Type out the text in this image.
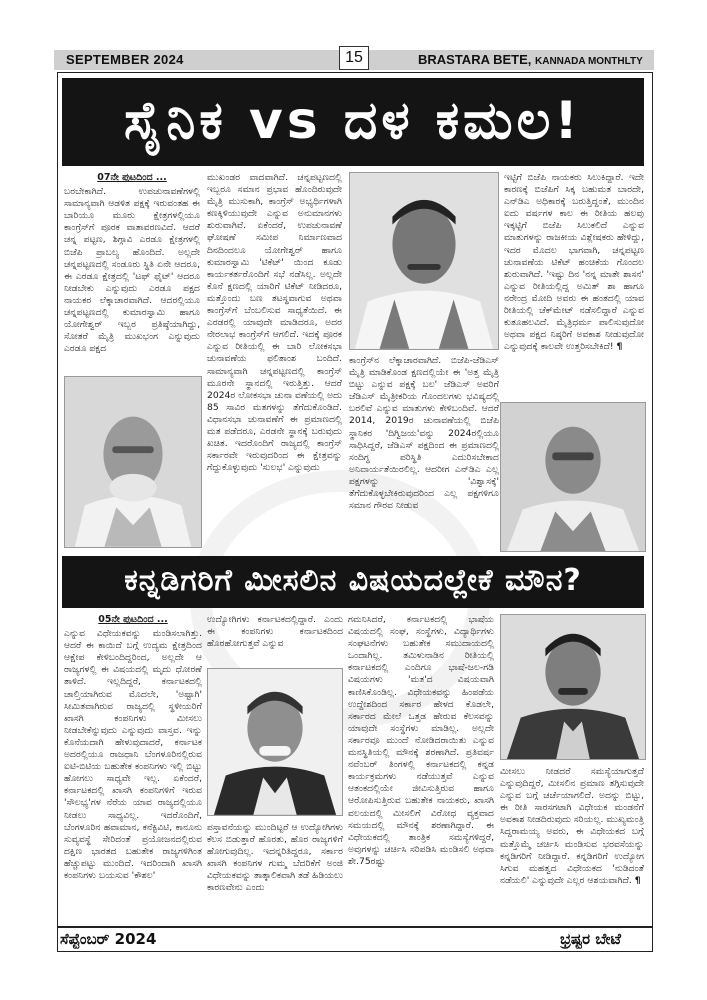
SEPTEMBER 2024	15	BRASTARA BETE, KANNADA MONTHLTY
ಸೈನಿಕ vs ದಳ ಕಮಲ!
07ನೇ ಪುಟದಿಂದ ...

ಬರಬೇಕಾಗಿದೆ. ಉಪಚುನಾವಣೆಗಳಲ್ಲಿ ಸಾಮಾನ್ಯವಾಗಿ ಆಡಳಿತ ಪಕ್ಷಕ್ಕೆ ಇರುವಂತಹ ಈ ಬಾರಿಯೂ ಮೂರು ಕ್ಷೇತ್ರಗಳಲ್ಲಿಯೂ ಕಾಂಗ್ರೆಸ್‌ಗೆ ಪೂರಕ ವಾತಾವರಣವಿದೆ. ಆದರೆ ಚನ್ನ ಪಟ್ಟಣ, ಶಿಗ್ಗಾವಿ ಎರಡೂ ಕ್ಷೇತ್ರಗಳಲ್ಲಿ ಬಿಜೆಪಿ ಪ್ರಾಬಲ್ಯ ಹೊಂದಿದೆ. ಅಲ್ಲದೇ ಚನ್ನಪಟ್ಟಣದಲ್ಲಿ ಸಂಡೂರು ಸ್ಥಿತಿ ಏನೇ ಆದರೂ, ಈ ಎರಡೂ ಕ್ಷೇತ್ರದಲ್ಲಿ 'ಟಫ್ ಫೈಟ್' ಆದರೂ ನೀಡಬೇಕು ಎನ್ನುವುದು ಎರಡೂ ಪಕ್ಷದ ನಾಯಕರ ಲೆಕ್ಕಾಚಾರವಾಗಿದೆ. ಆದರಲ್ಲಿಯೂ ಚನ್ನಪಟ್ಟಣದಲ್ಲಿ ಕುಮಾರಸ್ವಾಮಿ ಹಾಗೂ ಯೋಗೇಶ್ವರ್ ಇಬ್ಬರ ಪ್ರತಿಷ್ಠೆಯಾಗಿದ್ದು, ಸೋತರೆ ಮೈತ್ರಿ ಮುಖಭಂಗ ಎನ್ನುವುದು ಎರಡೂ ಪಕ್ಷದ

ಮುಖಂಡರ ವಾದವಾಗಿದೆ. ಚನ್ನಪಟ್ಟಣದಲ್ಲಿ ಇಬ್ಬರೂ ಸಮಾನ ಪ್ರಭಾವ ಹೊಂದಿರುವುದೇ ಮೈತ್ರಿ ಮುಸುಕಾಗಿ, ಕಾಂಗ್ರೆಸ್ ಅಭ್ಯರ್ಥಿಗಳಾಗಿ ಕಣಕ್ಕಿಳಿಯುವುದೇ ಎನ್ನುವ ಅನುಮಾನಗಳು ಶುರುವಾಗಿವೆ. ಏಕೆಂದರೆ, ಉಪಚುನಾವಣೆ ಘೋಷಣೆ ಸಮೀಪ ನಿರ್ಮಾಣವಾದ ದಿನದಿಂದಲೂ ಯೋಗೇಶ್ವರ್ ಹಾಗೂ ಕುಮಾರಸ್ವಾಮಿ 'ಟಿಕೆಟ್' ಯಿಂದ ಕೂಡು ಕಾರ್ಯಕರ್ತರೊಂದಿಗೆ ಸಭೆ ನಡೆಸಿಲ್ಲ. ಅಲ್ಲದೇ ಕೊನೆ ಕ್ಷಣದಲ್ಲಿ ಯಾರಿಗೆ ಟಿಕೆಟ್ ನೀಡಿದರೂ, ಮತ್ತೊಂದು ಬಣ ತಟಸ್ಥವಾಗುವ ಅಥವಾ ಕಾಂಗ್ರೆಸ್‌ಗೆ ಬೆಂಬಲಿಸುವ ಸಾಧ್ಯತೆಯಿದೆ. ಈ ಎರಡರಲ್ಲಿ ಯಾವುದೇ ಮಾಡಿದರೂ, ಅದರ ನೇರಲಾಭ ಕಾಂಗ್ರೆಸ್‌ಗೆ ಆಗಲಿದೆ. ಇದಕ್ಕೆ ಪೂರಕ ಎನ್ನುವ ರೀತಿಯಲ್ಲಿ ಈ ಬಾರಿ ಲೋಕಸಭಾ ಚುನಾವಣೆಯ ಫಲಿತಾಂಶ ಬಂದಿದೆ. ಸಾಮಾನ್ಯವಾಗಿ ಚನ್ನಪಟ್ಟಣದಲ್ಲಿ ಕಾಂಗ್ರೆಸ್ ಮೂರನೇ ಸ್ಥಾನದಲ್ಲಿ ಇರುತ್ತಿತ್ತು. ಆದರೆ 2024ರ ಲೋಕಸಭಾ ಚುನಾ ವಣೆಯಲ್ಲಿ ಅದು 85 ಸಾವಿರ ಮತಗಳನ್ನು ತೆಗೆದುಕೊಂಡಿದೆ. ವಿಧಾನಸಭಾ ಚುನಾವಣೆಗೆ ಈ ಪ್ರಮಾಣದಲ್ಲಿ ಮತ ಪಡೆದರೂ, ಎರಡನೇ ಸ್ಥಾನಕ್ಕೆ ಬರುವುದು ಖಚಿತ. ಇದರೊಂದಿಗೆ ರಾಜ್ಯದಲ್ಲಿ ಕಾಂಗ್ರೆಸ್ ಸರ್ಕಾರವೇ ಇರುವುದರಿಂದ ಈ ಕ್ಷೇತ್ರವನ್ನು ಗೆದ್ದುಕೊಳ್ಳುವುದು 'ಸುಲಭ' ಎನ್ನುವುದು

ಕಾಂಗ್ರೆಸ್‌ನ ಲೆಕ್ಕಾಚಾರವಾಗಿದೆ. ಬಿಜೆಪಿ-ಜೆಡಿಎಸ್ ಮೈತ್ರಿ ಮಾಡಿಕೊಂಡ ಕ್ಷಣದಲ್ಲಿಯೇ ಈ 'ಅತ್ತ ಮೈತ್ರಿ ಬಿಟ್ಟು ಎನ್ನುವ ಪಕ್ಷಕ್ಕೆ ಬಲ' ಜೆಡಿಎಸ್ ಅವರಿಗೆ ಜೆಡಿಎಸ್ ಮೈತ್ರೀಕರಿಯ ಗೊಂದಲಗಳು ಭವಿಷ್ಯದಲ್ಲಿ ಬರಲಿವೆ ಎನ್ನುವ ಮಾತುಗಳು ಕೇಳಿಬಂದಿವೆ. ಆದರೆ 2014, 2019ರ ಚುನಾವಣೆಯಲ್ಲಿ ಬಿಜೆಪಿ ಸ್ಥಾನಿಕರ 'ದಿಗ್ವಿಜಯ'ವನ್ನು 2024ರಲ್ಲಿಯೂ ಸಾಧಿಸಿದ್ದರೆ, ಜೆಡಿಎಸ್ ಪಕ್ಷದಿಂದ ಈ ಪ್ರಮಾಣದಲ್ಲಿ ಸಂದಿಗ್ಧ ಪರಿಸ್ಥಿತಿ ಎದುರಿಸಬೇಕಾದ ಅನಿವಾರ್ಯತೆಯಿರಲಿಲ್ಲ. ಆದರೀಗ ಎನ್‌ಡಿಎ ಎಲ್ಲ ಪಕ್ಷಗಳನ್ನು 'ವಿಶ್ವಾಸಕ್ಕೆ' ತೆಗೆದುಕೊಳ್ಳಬೇಕಿರುವುದರಿಂದ ಎಲ್ಲ ಪಕ್ಷಗಳಿಗೂ ಸಮಾನ ಗೌರವ ನೀಡುವ

ಇಟ್ಟಿಗೆ ಬಿಜೆಪಿ ನಾಯಕರು ಸಿಲುಕಿದ್ದಾರೆ. ಇದೇ ಕಾರಣಕ್ಕೆ ಬಿಜೆಪಿಗೆ ಸಿಕ್ಕ ಬಹುಮತ ಬಾರದೇ, ಎನ್‌ಡಿಎ ಅಧಿಕಾರಕ್ಕೆ ಬರುತ್ತಿದ್ದಂತೆ, ಮುಂದಿನ ಐದು ವರ್ಷಗಳ ಕಾಲ ಈ ರೀತಿಯ ಹಲವು ಇಕ್ಕಟ್ಟಿಗೆ ಬಿಜೆಪಿ ಸಿಲುಕಲಿದೆ ಎನ್ನುವ ಮಾತುಗಳನ್ನು ರಾಜಕೀಯ ವಿಶ್ಲೇಷಕರು ಹೇಳಿದ್ದು, ಇದರ ಮೊದಲ ಭಾಗವಾಗಿ, ಚನ್ನಪಟ್ಟಣ ಚುನಾವಣೆಯ ಟಿಕೆಟ್ ಹಂಚಿಕೆಯ ಗೊಂದಲ ಶುರುವಾಗಿದೆ. 'ಇಷ್ಟು ದಿನ 'ನನ್ನ ಮಾತೇ ಶಾಸನ' ಎನ್ನುವ ರೀತಿಯಲ್ಲಿದ್ದ ಅಮಿತ್ ಶಾ ಹಾಗೂ ನರೇಂದ್ರ ಮೋದಿ ಅವರು ಈ ಹಂತದಲ್ಲಿ ಯಾವ ರೀತಿಯಲ್ಲಿ ಚೆಕ್‌ಮೇಟ್ ನಡೆಸಲಿದ್ದಾರೆ ಎನ್ನುವ ಕುತೂಹಲವಿದೆ. ಮೈತ್ರಿಧರ್ಮ ಪಾಲಿಸುವುದೋ ಅಥವಾ ಪಕ್ಷದ ನಿಷ್ಠರಿಗೆ ಅವಕಾಶ ನೀಡುವುದೋ ಎನ್ನುವುದಕ್ಕೆ ಕಾಲವೇ ಉತ್ತರಿಸಬೇಕಿದೆ! ¶

ಕನ್ನಡಿಗರಿಗೆ ಮೀಸಲಿನ ವಿಷಯದಲ್ಲೇಕೆ ಮೌನ?
05ನೇ ಪುಟದಿಂದ ...

ಎನ್ನುವ ವಿಧೇಯಕವನ್ನು ಮಂಡಿಸಲಾಗಿತ್ತು. ಆದರೆ ಈ ಕಾಯಿದೆ ಬಗ್ಗೆ ಉದ್ಯಮ ಕ್ಷೇತ್ರದಿಂದ ಆಕ್ಷೇಪ ಕೇಳಿಬಂದಿದ್ದರಿಂದ, ಅಲ್ಲದೇ ಆ ರಾಜ್ಯಗಳಲ್ಲಿ ಈ ವಿಷಯದಲ್ಲಿ ಮೃದು ಧೋರಣೆ ತಾಳಿದೆ. ಇಲ್ಲದಿದ್ದರೆ, ಕರ್ನಾಟಕದಲ್ಲಿ ಚಾಲ್ತಿಯಾಗಿರುವ ಮೊದಲೇ, 'ಅಷ್ಟಾಗಿ' ಸೀಮಿತವಾಗಿರುವ ರಾಜ್ಯದಲ್ಲಿ ಸ್ಥಳೀಯರಿಗೆ ಖಾಸಗಿ ಕಂಪನಿಗಳು ಮೀಸಲು ನೀಡಬೇಕೆನ್ನುವುದು ಎನ್ನುವುದು ವಾಸ್ತವ. ಇನ್ನು ಕೊನೆಯದಾಗಿ ಹೇಳುವುದಾದರೆ, ಕರ್ನಾಟಕ ಅದರಲ್ಲಿಯೂ ರಾಜಧಾನಿ ಬೆಂಗಳೂರಿನಲ್ಲಿರುವ ಐಟಿ-ಬಿಟಿಯ ಬಹುತೇಕ ಕಂಪನಿಗಳು ಇಲ್ಲಿ ಬಿಟ್ಟು ಹೋಗಲು ಸಾಧ್ಯವೇ ಇಲ್ಲ. ಏಕೆಂದರೆ, ಕರ್ನಾಟಕದಲ್ಲಿ ಖಾಸಗಿ ಕಂಪನಿಗಳಿಗೆ ಇರುವ 'ಸೌಲಭ್ಯ'ಗಳ ನೆರೆಯ ಯಾವ ರಾಜ್ಯದಲ್ಲಿಯೂ ನೀಡಲು ಸಾಧ್ಯವಿಲ್ಲ. ಇದರೊಂದಿಗೆ, ಬೆಂಗಳೂರಿನ ಹವಾಮಾನ, ಕನೆಕ್ಟಿವಿಟಿ, ಕಾನೂನು ಸುವ್ಯವಸ್ಥೆ ಸೇರಿದಂತೆ ಪ್ರಯೋಜನದಲ್ಲಿರುವ ದಕ್ಷಿಣ ಭಾರತದ ಬಹುತೇಕ ರಾಜ್ಯಗಳಿಗಿಂತ ಹೆಚ್ಚುಪಟ್ಟು ಮುಂದಿದೆ. ಇದರಿಂದಾಗಿ ಖಾಸಗಿ ಕಂಪನಿಗಳು ಬಯಸುವ 'ಕೌಶಲ'

ಉದ್ಯೋಗಿಗಳು ಕರ್ನಾಟಕದಲ್ಲಿದ್ದಾರೆ. ಎಂದು ಈ ಕಂಪನಿಗಳು ಕರ್ನಾಟಕದಿಂದ ಹೊರಹೋಗುತ್ತವೆ ಎನ್ನುವ

ಪಸ್ತಾವನೆಯನ್ನು ಮುಂದಿಟ್ಟರೆ ಆ ಉದ್ಯೋಗಿಗಳು ಕೆಲಸ ಬಿಡುತ್ತಾರೆ ಹೊರತು, ಹೊರ ರಾಜ್ಯಗಳಿಗೆ ಹೋಗುವುದಿಲ್ಲ. ಇದನ್ನರಿತಿದ್ದರೂ, ಸರ್ಕಾರ ಖಾಸಗಿ ಕಂಪನಿಗಳ ಗುಮ್ಮ ಬೆದರಿಕೆಗೆ ಅಂಜಿ ವಿಧೇಯಕವನ್ನು ತಾತ್ಕಾಲಿಕವಾಗಿ ತಡೆ ಹಿಡಿಯಲು ಕಾರಣವೇನು ಎಂದು

ಗಮನಿಸಿದರೆ, ಕರ್ನಾಟಕದಲ್ಲಿ ಭಾಷೆಯ ವಿಷಯದಲ್ಲಿ ಸಂಘ, ಸಂಸ್ಥೆಗಳು, ವಿದ್ಯಾರ್ಥಿಗಳು ಸಂಘಟನೆಗಳು ಬಹುತೇಕ ಸಮುದಾಯದಲ್ಲಿ ಒಂದಾಗಿಲ್ಲ. ತಮಿಳುನಾಡಿನ ರೀತಿಯಲ್ಲಿ ಕರ್ನಾಟಕದಲ್ಲಿ ಎಂದಿಗೂ ಭಾಷೆ-ಜಲ-ಗಡಿ ವಿಷಯಗಳು 'ಮತ'ದ ವಿಷಯವಾಗಿ ಕಾಣಿಸಿಕೊಂಡಿಲ್ಲ. ವಿಧೇಯಕವನ್ನು ಹಿಂಪಡೆಯ ಉದ್ದೇಶದಿಂದ ಸರ್ಕಾರ ಹೇಳದ ಕೊಡಲೇ, ಸರ್ಕಾರದ ಮೇಲೆ ಒತ್ತಡ ಹೇರುವ ಕೆಲಸವನ್ನು ಯಾವುದೇ ಸಂಸ್ಥೆಗಳು ಮಾಡಿಲ್ಲ. ಅಲ್ಲದೇ ಸರ್ಕಾರವೂ ಮುಂದೆ ನೋಡಿದರಾಯಿತು ಎನ್ನುವ ಮನಸ್ಥಿತಿಯಲ್ಲಿ ಮೌನಕ್ಕೆ ಶರಣಾಗಿದೆ. ಪ್ರತಿವರ್ಷ ನವೆಂಬರ್ ತಿಂಗಳಲ್ಲಿ ಕರ್ನಾಟಕದಲ್ಲಿ ಕನ್ನಡ ಕಾರ್ಯಕ್ರಮಗಳು ನಡೆಯುತ್ತವೆ ಎನ್ನುವ ಆತಂಕದಲ್ಲಿಯೇ ಜೀವಿಸುತ್ತಿರುವ ಹಾಗೂ ಆರೋಪಿಸುತ್ತಿರುವ ಬಹುತೇಕ ನಾಯಕರು, ಖಾಸಗಿ ವಲಯದಲ್ಲಿ ಮೀಸಲಿಗೆ ವಿರೋಧ ವ್ಯಕ್ತವಾದ ಸಮಯದಲ್ಲಿ ಮೌನಕ್ಕೆ ಶರಣಾಗಿದ್ದಾರೆ. ಈ ವಿಧೇಯಕದಲ್ಲಿ ತಾಂತ್ರಿಕ ಸಮಸ್ಯೆಗಳಿದ್ದರೆ, ಅವುಗಳನ್ನು ಚರ್ಚಿಸಿ ಸರಿಪಡಿಸಿ ಮಂಡಿಸಲಿ ಅಥವಾ ಶೇ.75ರಷ್ಟು

ಮೀಸಲು ನೀಡದರೆ ಸಮಸ್ಯೆಯಾಗುತ್ತದೆ ಎನ್ನುವುದಿದ್ದರೆ, ಮೀಸಲಿನ ಪ್ರಮಾಣ ತಗ್ಗಿಸುವುದೇ ಎನ್ನುವ ಬಗ್ಗೆ ಚರ್ಚೆಯಾಗಲಿದೆ. ಅದನ್ನು ಬಿಟ್ಟು, ಈ ರೀತಿ ಸಾರಸಗಟಾಗಿ ವಿಧೇಯಕ ಮಂಡನೆಗೆ ಅವಕಾಶ ನೀಡದಿರುವುದು ಸರಿಯಲ್ಲ. ಮುಖ್ಯಮಂತ್ರಿ ಸಿದ್ದರಾಮಯ್ಯ ಅವರು, ಈ ವಿಧೇಯಕದ ಬಗ್ಗೆ ಮತ್ತೊಮ್ಮೆ ಚರ್ಚಿಸಿ ಮಂಡಿಸುವ ಭರವಸೆಯನ್ನು ಕನ್ನಡಿಗರಿಗೆ ನೀಡಿದ್ದಾರೆ. ಕನ್ನಡಿಗರಿಗೆ ಉದ್ಯೋಗ ಸಿಗುವ ಮಹತ್ವದ ವಿಧೇಯಕದ 'ನುಡಿದಂತೆ ನಡೆಯಲಿ' ಎನ್ನುವುದೇ ಎಲ್ಲರ ಆಶಯವಾಗಿದೆ. ¶

ಸೆಪ್ಟೆಂಬರ್ 2024	ಭ್ರಷ್ಟರ ಬೇಟೆ
